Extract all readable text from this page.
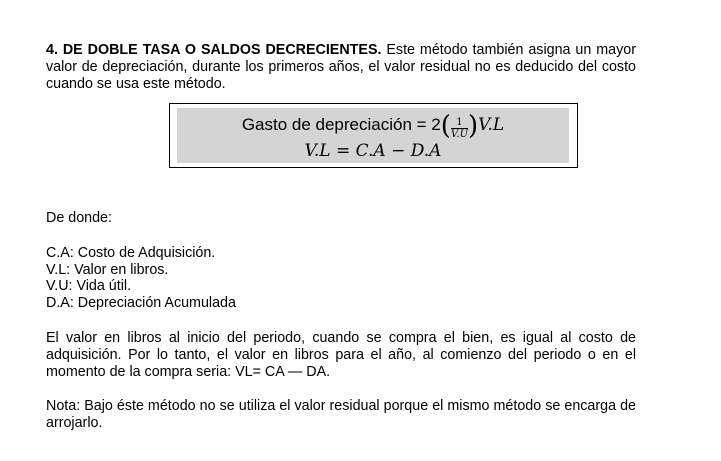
4. DE DOBLE TASA O SALDOS DECRECIENTES. Este método también asigna un mayor valor de depreciación, durante los primeros años, el valor residual no es deducido del costo cuando se usa este método.

Gasto de depreciación = $2( \frac{1}{V.U} )V.L$
V.L = C.A − D.A

De donde:

C.A: Costo de Adquisición.
V.L: Valor en libros.
V.U: Vida útil.
D.A: Depreciación Acumulada

El valor en libros al inicio del periodo, cuando se compra el bien, es igual al costo de adquisición. Por lo tanto, el valor en libros para el año, al comienzo del periodo o en el momento de la compra seria: VL= CA — DA.

Nota: Bajo éste método no se utiliza el valor residual porque el mismo método se encarga de arrojarlo.
